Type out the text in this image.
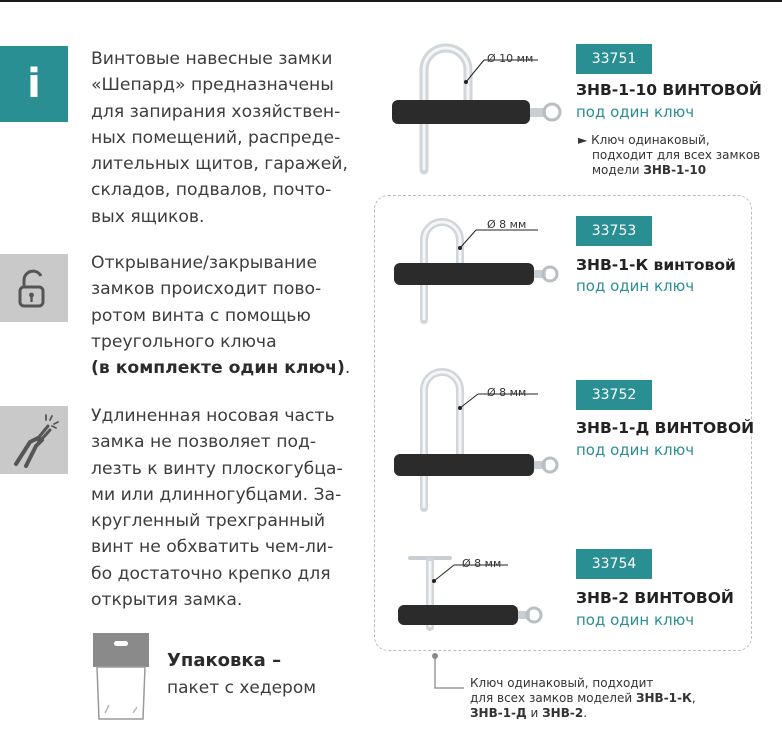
i

Винтовые навесные замки
«Шепард» предназначены
для запирания хозяйствен-
ных помещений, распреде-
лительных щитов, гаражей,
складов, подвалов, почто-
вых ящиков.

Открывание/закрывание
замков происходит пово-
ротом винта с помощью
треугольного ключа
(в комплекте один ключ).

Удлиненная носовая часть
замка не позволяет под-
лезть к винту плоскогубца-
ми или длинногубцами. За-
кругленный трехгранный
винт не обхватить чем-ли-
бо достаточно крепко для
открытия замка.

Упаковка –
пакет с хедером
Ø 10 мм
Ø 8 мм
Ø 8 мм
Ø 8 мм
33751
ЗНВ-1-10 ВИНТОВОЙ
под один ключ
► Ключ одинаковый,
подходит для всех замков
модели ЗНВ-1-10
33753
ЗНВ-1-К винтовой
под один ключ
33752
ЗНВ-1-Д ВИНТОВОЙ
под один ключ
33754
ЗНВ-2 ВИНТОВОЙ
под один ключ
Ключ одинаковый, подходит
для всех замков моделей ЗНВ-1-К,
ЗНВ-1-Д и ЗНВ-2.
